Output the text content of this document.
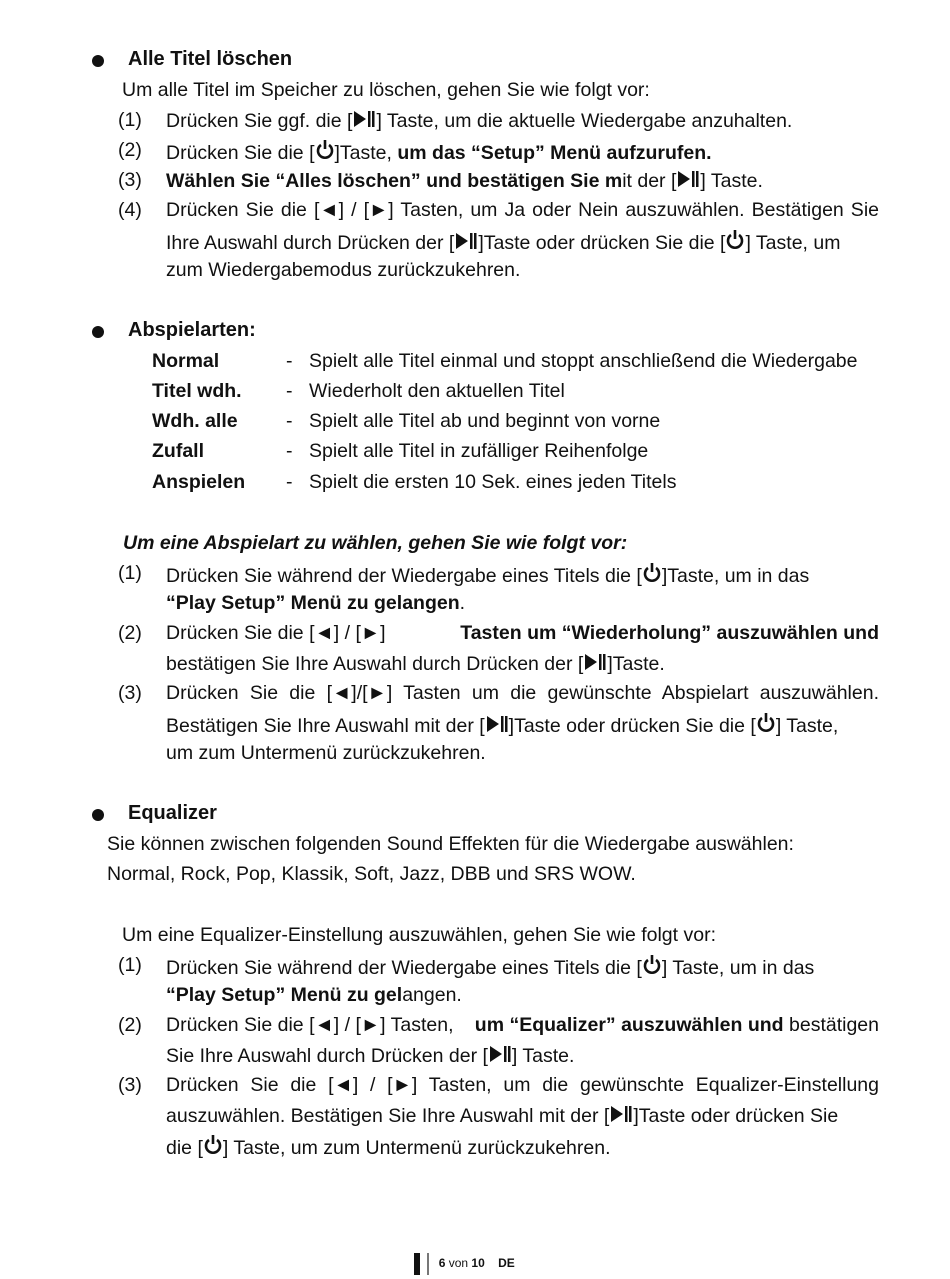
Alle Titel löschen
Um alle Titel im Speicher zu löschen, gehen Sie wie folgt vor:
(1) Drücken Sie ggf. die [ ] Taste, um die aktuelle Wiedergabe anzuhalten.
(2) Drücken Sie die [ ]Taste, um das “Setup” Menü aufzurufen.
(3) Wählen Sie “Alles löschen” und bestätigen Sie mit der [ ] Taste.
(4) Drücken Sie die [◄] / [►] Tasten, um Ja oder Nein auszuwählen. Bestätigen Sie
Ihre Auswahl durch Drücken der [ ]Taste oder drücken Sie die [ ] Taste, um
zum Wiedergabemodus zurückzukehren.
Abspielarten:
Normal	- Spielt alle Titel einmal und stoppt anschließend die Wiedergabe
Titel wdh. - Wiederholt den aktuellen Titel
Wdh. alle - Spielt alle Titel ab und beginnt von vorne
Zufall	- Spielt alle Titel in zufälliger Reihenfolge
Anspielen - Spielt die ersten 10 Sek. eines jeden Titels
Um eine Abspielart zu wählen, gehen Sie wie folgt vor:
(1) Drücken Sie während der Wiedergabe eines Titels die [ ]Taste, um in das
“Play Setup” Menü zu gelangen.
(2) Drücken Sie die [◄] / [►]	Tasten um “Wiederholung” auszuwählen und
bestätigen Sie Ihre Auswahl durch Drücken der [ ]Taste.
(3) Drücken Sie die [◄]/[►] Tasten um die gewünschte Abspielart auszuwählen.
Bestätigen Sie Ihre Auswahl mit der [ ]Taste oder drücken Sie die [ ] Taste,
um zum Untermenü zurückzukehren.
Equalizer
Sie können zwischen folgenden Sound Effekten für die Wiedergabe auswählen:
Normal, Rock, Pop, Klassik, Soft, Jazz, DBB und SRS WOW.
Um eine Equalizer-Einstellung auszuwählen, gehen Sie wie folgt vor:
(1) Drücken Sie während der Wiedergabe eines Titels die [ ] Taste, um in das
“Play Setup” Menü zu gelangen.
(2) Drücken Sie die [◄] / [►] Tasten, um “Equalizer” auszuwählen und bestätigen
Sie Ihre Auswahl durch Drücken der [ ] Taste.
(3) Drücken Sie die [◄] / [►] Tasten, um die gewünschte Equalizer-Einstellung
auszuwählen. Bestätigen Sie Ihre Auswahl mit der [ ]Taste oder drücken Sie
die [ ] Taste, um zum Untermenü zurückzukehren.
6 von 10 DE
